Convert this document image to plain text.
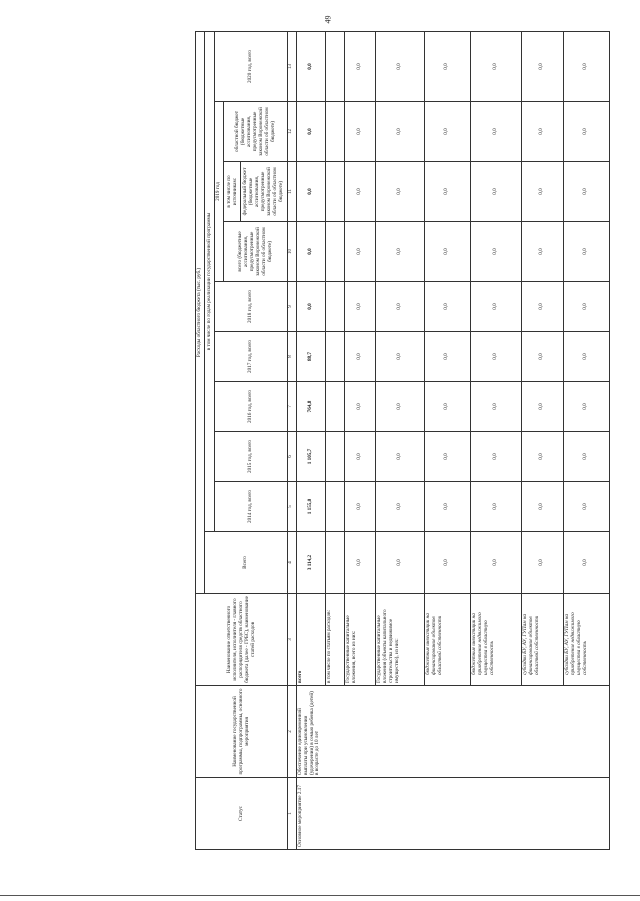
49
Статус	Наименование государственной программы, подпрограммы, основного мероприятия	Наименование ответственного исполнителя, исполнителя - главного распорядителя средств областного бюджета (далее - ГРБС), наименование статей расходов	Расходы областного бюджета (тыс. руб.)									
			Всего	в том числе по годам реализации государственной программы								
				2014 год, всего	2015 год, всего	2016 год, всего	2017 год, всего	2018 год, всего	2019 год			2020 год, всего
									всего (бюджетные ассигнования, предусмотренные законом Воронежской области об областном бюджете)	в том числе по источникам: федеральный бюджет (бюджетные ассигнования, предусмотренные законом Воронежской области об областном бюджете)	областной бюджет (бюджетные ассигнования, предусмотренные законом Воронежской области об областном бюджете)	
1	2	3	4	5	6	7	8	9	10	11	12	13
Основное мероприятие 2.17	Обеспечение единовременной выплаты при усыновлении (удочерении) в семью ребенка (детей) в возрасте до 10 лет	всего	3 114,2	1 155,0	1 105,7	764,8	88,7	0,0	0,0	0,0	0,0	0,0
		в том числе по статьям расходов:										
		Государственные капитальные вложения, всего из них:	0,0	0,0	0,0	0,0	0,0	0,0	0,0	0,0	0,0	0,0
		Государственные капитальные вложения (объекты капитального строительства и недвижимое имущество), из них:	0,0	0,0	0,0	0,0	0,0	0,0	0,0	0,0	0,0	0,0
		бюджетные инвестиции на финансирование объектов областной собственности	0,0	0,0	0,0	0,0	0,0	0,0	0,0	0,0	0,0	0,0
		бюджетные инвестиции на приобретение недвижимого имущества в областную собственность	0,0	0,0	0,0	0,0	0,0	0,0	0,0	0,0	0,0	0,0
		субсидии БУ, АУ, ГУПам на финансирование объектов областной собственности	0,0	0,0	0,0	0,0	0,0	0,0	0,0	0,0	0,0	0,0
		субсидии БУ, АУ, ГУПам на приобретение недвижимого имущества в областную собственность	0,0	0,0	0,0	0,0	0,0	0,0	0,0	0,0	0,0	0,0
